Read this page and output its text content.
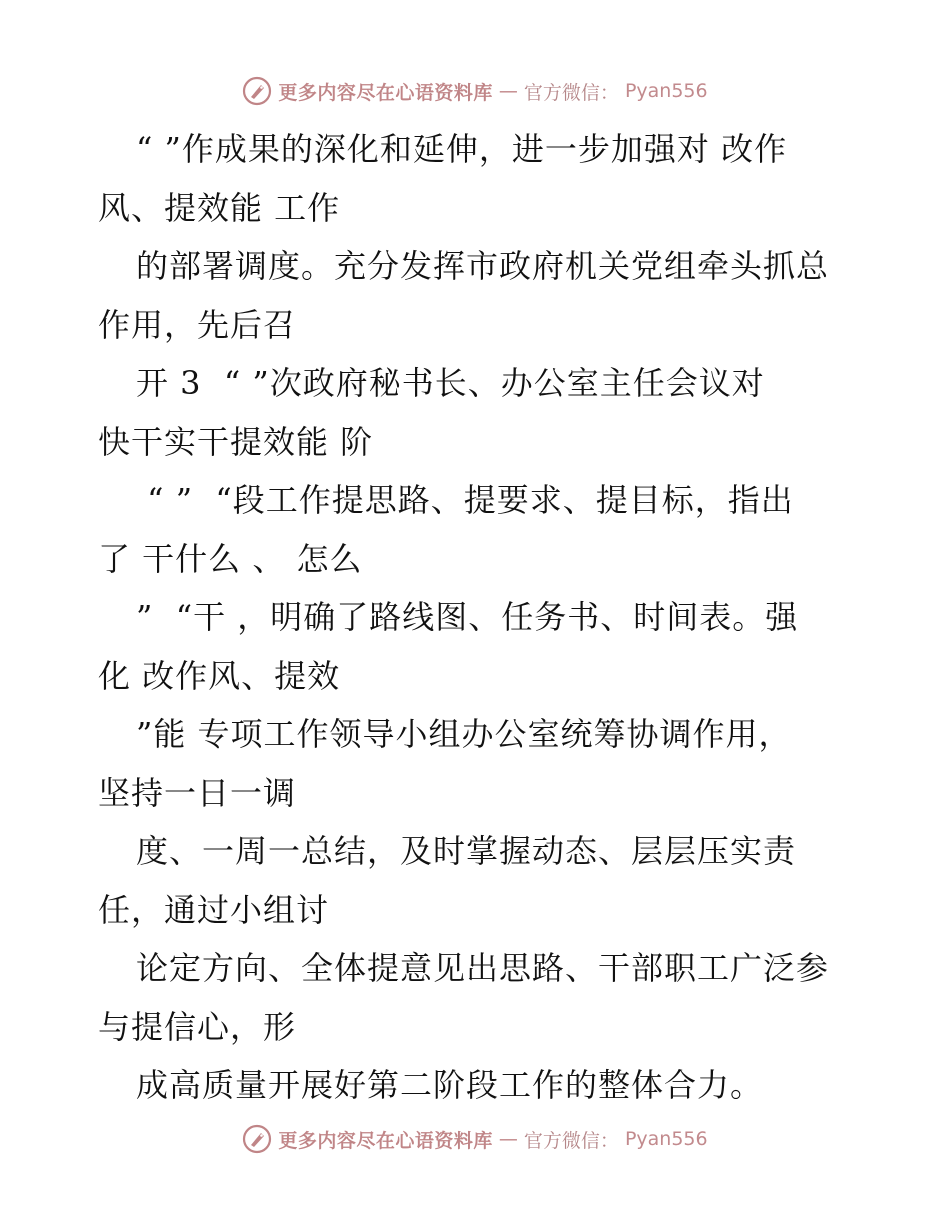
更多内容尽在心语资料库 — 官方微信： Pyan556
“ ”作成果的深化和延伸，进一步加强对 改作
风、提效能 工作
的部署调度。充分发挥市政府机关党组牵头抓总
作用，先后召
开 3  “ ”次政府秘书长、办公室主任会议对
快干实干提效能 阶
“ ”  “段工作提思路、提要求、提目标，指出
了 干什么 、 怎么
”  “干 ，明确了路线图、任务书、时间表。强
化 改作风、提效
”能 专项工作领导小组办公室统筹协调作用，
坚持一日一调
度、一周一总结，及时掌握动态、层层压实责
任，通过小组讨
论定方向、全体提意见出思路、干部职工广泛参
与提信心，形
成高质量开展好第二阶段工作的整体合力。
更多内容尽在心语资料库 — 官方微信： Pyan556
